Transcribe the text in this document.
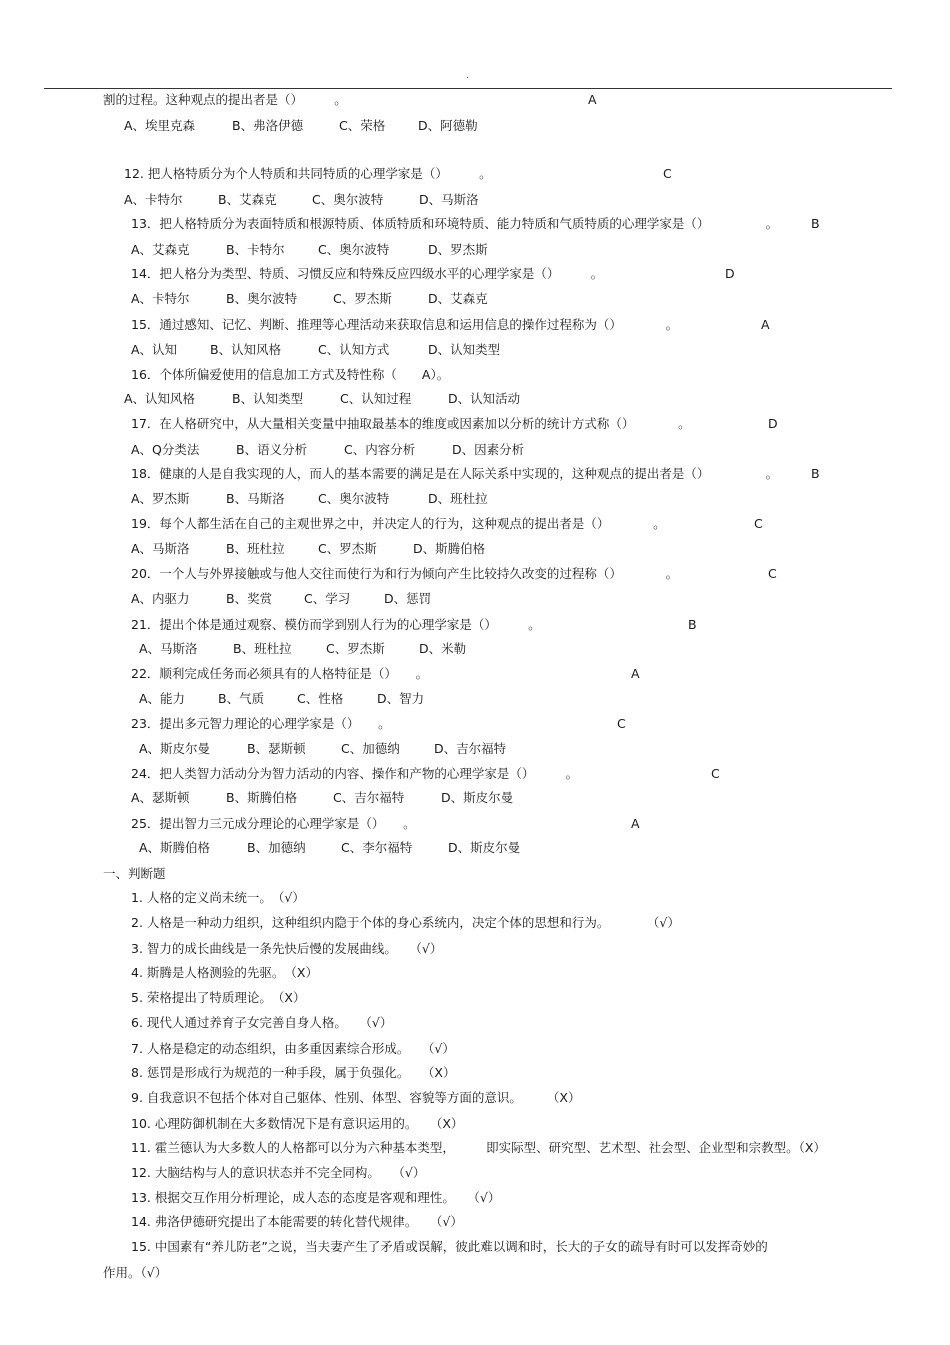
.
割的过程。这种观点的提出者是（）　　　。	A
A、埃里克森	B、弗洛伊德	C、荣格	D、阿德勒
12. 把人格特质分为个人特质和共同特质的心理学家是（）　　　。	C
A、卡特尔	B、艾森克	C、奥尔波特	D、马斯洛
13．把人格特质分为表面特质和根源特质、体质特质和环境特质、能力特质和气质特质的心理学家是（）　　　　　。	B
A、艾森克	B、卡特尔	C、奥尔波特	D、罗杰斯
14．把人格分为类型、特质、习惯反应和特殊反应四级水平的心理学家是（）　　　。	D
A、卡特尔	B、奥尔波特	C、罗杰斯	D、艾森克
15．通过感知、记忆、判断、推理等心理活动来获取信息和运用信息的操作过程称为（）　　　　。	A
A、认知	B、认知风格	C、认知方式	D、认知类型
16．个体所偏爱使用的信息加工方式及特性称（　　A）。
A、认知风格	B、认知类型	C、认知过程	D、认知活动
17．在人格研究中，从大量相关变量中抽取最基本的维度或因素加以分析的统计方式称（）　　　　。	D
A、Q分类法	B、语义分析	C、内容分析	D、因素分析
18．健康的人是自我实现的人，而人的基本需要的满足是在人际关系中实现的，这种观点的提出者是（）　　　　　。	B
A、罗杰斯	B、马斯洛	C、奥尔波特	D、班杜拉
19．每个人都生活在自己的主观世界之中，并决定人的行为，这种观点的提出者是（）　　　　。	C
A、马斯洛	B、班杜拉	C、罗杰斯	D、斯腾伯格
20．一个人与外界接触或与他人交往而使行为和行为倾向产生比较持久改变的过程称（）　　　　。	C
A、内驱力	B、奖赏	C、学习	D、惩罚
21．提出个体是通过观察、模仿而学到别人行为的心理学家是（）　　　。	B
A、马斯洛	B、班杜拉	C、罗杰斯	D、米勒
22．顺利完成任务而必须具有的人格特征是（）　　。	A
A、能力	B、气质	C、性格	D、智力
23．提出多元智力理论的心理学家是（）　　。	C
A、斯皮尔曼	B、瑟斯顿	C、加德纳	D、吉尔福特
24．把人类智力活动分为智力活动的内容、操作和产物的心理学家是（）　　　。	C
A、瑟斯顿	B、斯腾伯格	C、吉尔福特	D、斯皮尔曼
25．提出智力三元成分理论的心理学家是（）　　。	A
A、斯腾伯格	B、加德纳	C、李尔福特	D、斯皮尔曼
一、判断题
1. 人格的定义尚未统一。　（√）
2. 人格是一种动力组织，这种组织内隐于个体的身心系统内，决定个体的思想和行为。　　　　（√）
3. 智力的成长曲线是一条先快后慢的发展曲线。　　（√）
4. 斯腾是人格测验的先驱。　（X）
5. 荣格提出了特质理论。　（X）
6. 现代人通过养育子女完善自身人格。　　（√）
7. 人格是稳定的动态组织，由多重因素综合形成。　　（√）
8. 惩罚是形成行为规范的一种手段，属于负强化。　　（X）
9. 自我意识不包括个体对自己躯体、性别、体型、容貌等方面的意识。　　　（X）
10. 心理防御机制在大多数情况下是有意识运用的。　　（X）
11. 霍兰德认为大多数人的人格都可以分为六种基本类型，　　　即实际型、研究型、艺术型、社会型、企业型和宗教型。（X）
12. 大脑结构与人的意识状态并不完全同构。　　（√）
13. 根据交互作用分析理论，成人态的态度是客观和理性。　　（√）
14. 弗洛伊德研究提出了本能需要的转化替代规律。　　（√）
15. 中国素有“养儿防老”之说，当夫妻产生了矛盾或误解，彼此难以调和时，长大的子女的疏导有时可以发挥奇妙的
作用。（√）
